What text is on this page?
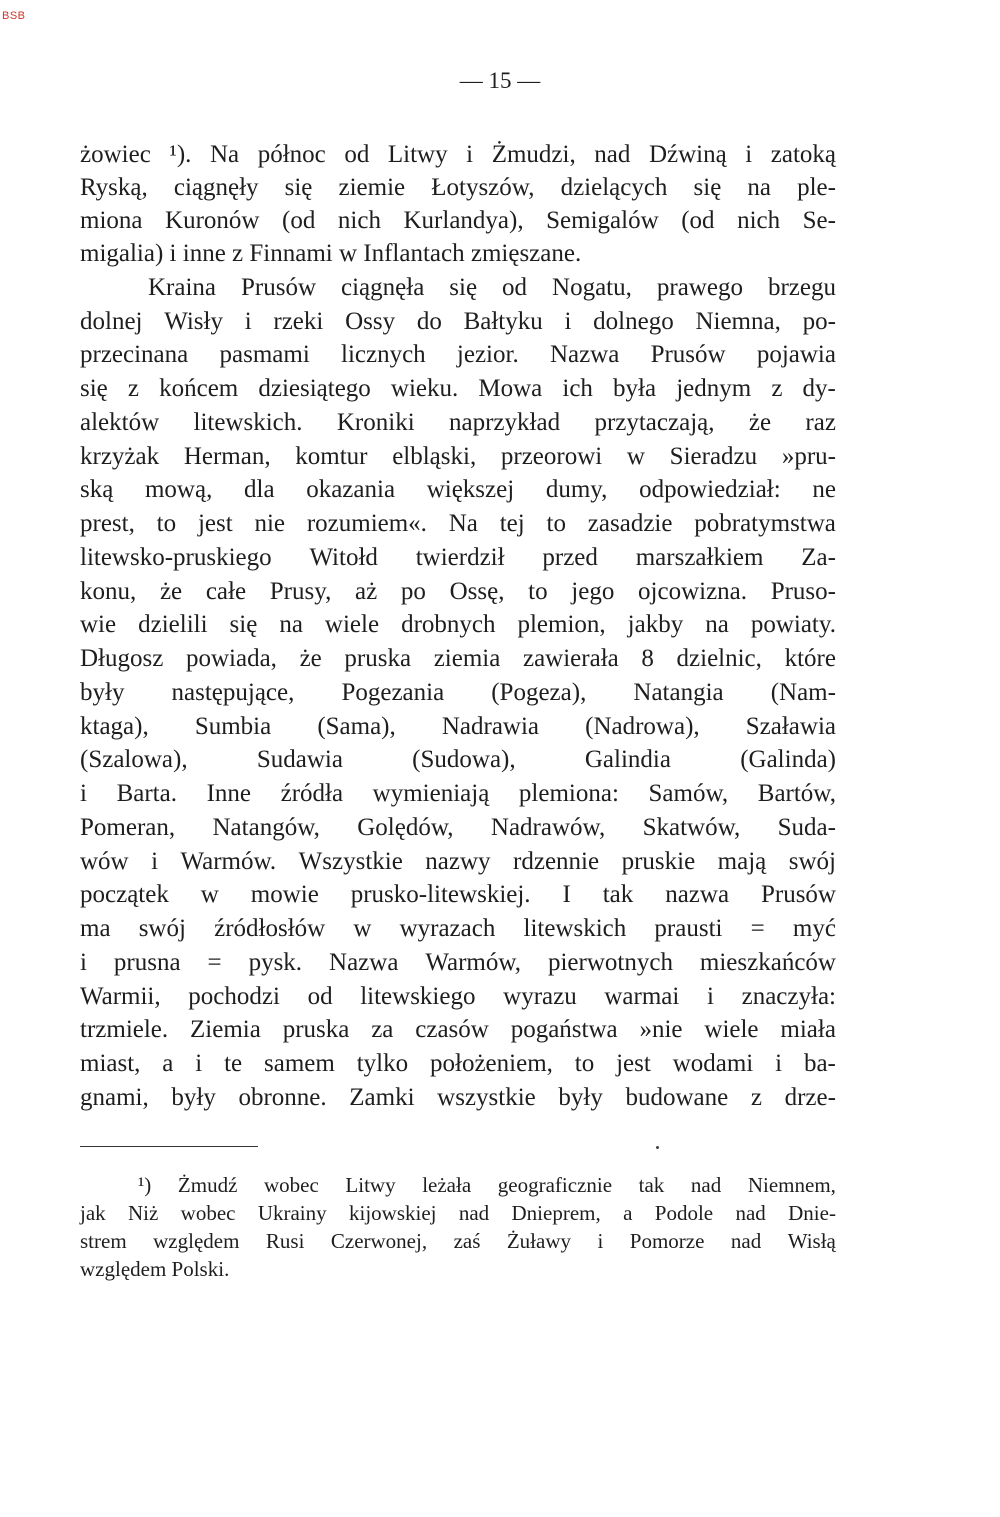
BSB
— 15 —
żowiec ¹). Na północ od Litwy i Żmudzi, nad Dźwiną i zatoką
Ryską, ciągnęły się ziemie Łotyszów, dzielących się na ple-
miona Kuronów (od nich Kurlandya), Semigalów (od nich Se-
migalia) i inne z Finnami w Inflantach zmięszane.
Kraina Prusów ciągnęła się od Nogatu, prawego brzegu
dolnej Wisły i rzeki Ossy do Bałtyku i dolnego Niemna, po-
przecinana pasmami licznych jezior. Nazwa Prusów pojawia
się z końcem dziesiątego wieku. Mowa ich była jednym z dy-
alektów litewskich. Kroniki naprzykład przytaczają, że raz
krzyżak Herman, komtur elbląski, przeorowi w Sieradzu »pru-
ską mową, dla okazania większej dumy, odpowiedział: ne
prest, to jest nie rozumiem«. Na tej to zasadzie pobratymstwa
litewsko-pruskiego Witołd twierdził przed marszałkiem Za-
konu, że całe Prusy, aż po Ossę, to jego ojcowizna. Pruso-
wie dzielili się na wiele drobnych plemion, jakby na powiaty.
Długosz powiada, że pruska ziemia zawierała 8 dzielnic, które
były następujące, Pogezania (Pogeza), Natangia (Nam-
ktaga), Sumbia (Sama), Nadrawia (Nadrowa), Szaławia
(Szalowa),	Sudawia	(Sudowa),	Galindia	(Galinda)
i Barta. Inne źródła wymieniają plemiona: Samów, Bartów,
Pomeran, Natangów, Golędów, Nadrawów, Skatwów, Suda-
wów i Warmów. Wszystkie nazwy rdzennie pruskie mają swój
początek w mowie prusko-litewskiej. I tak nazwa Prusów
ma swój źródłosłów w wyrazach litewskich prausti = myć
i prusna = pysk. Nazwa Warmów, pierwotnych mieszkańców
Warmii, pochodzi od litewskiego wyrazu warmai i znaczyła:
trzmiele. Ziemia pruska za czasów pogaństwa »nie wiele miała
miast, a i te samem tylko położeniem, to jest wodami i ba-
gnami, były obronne. Zamki wszystkie były budowane z drze-
¹) Żmudź wobec Litwy leżała geograficznie tak nad Niemnem,
jak Niż wobec Ukrainy kijowskiej nad Dnieprem, a Podole nad Dnie-
strem względem Rusi Czerwonej, zaś Żuławy i Pomorze nad Wisłą
względem Polski.
